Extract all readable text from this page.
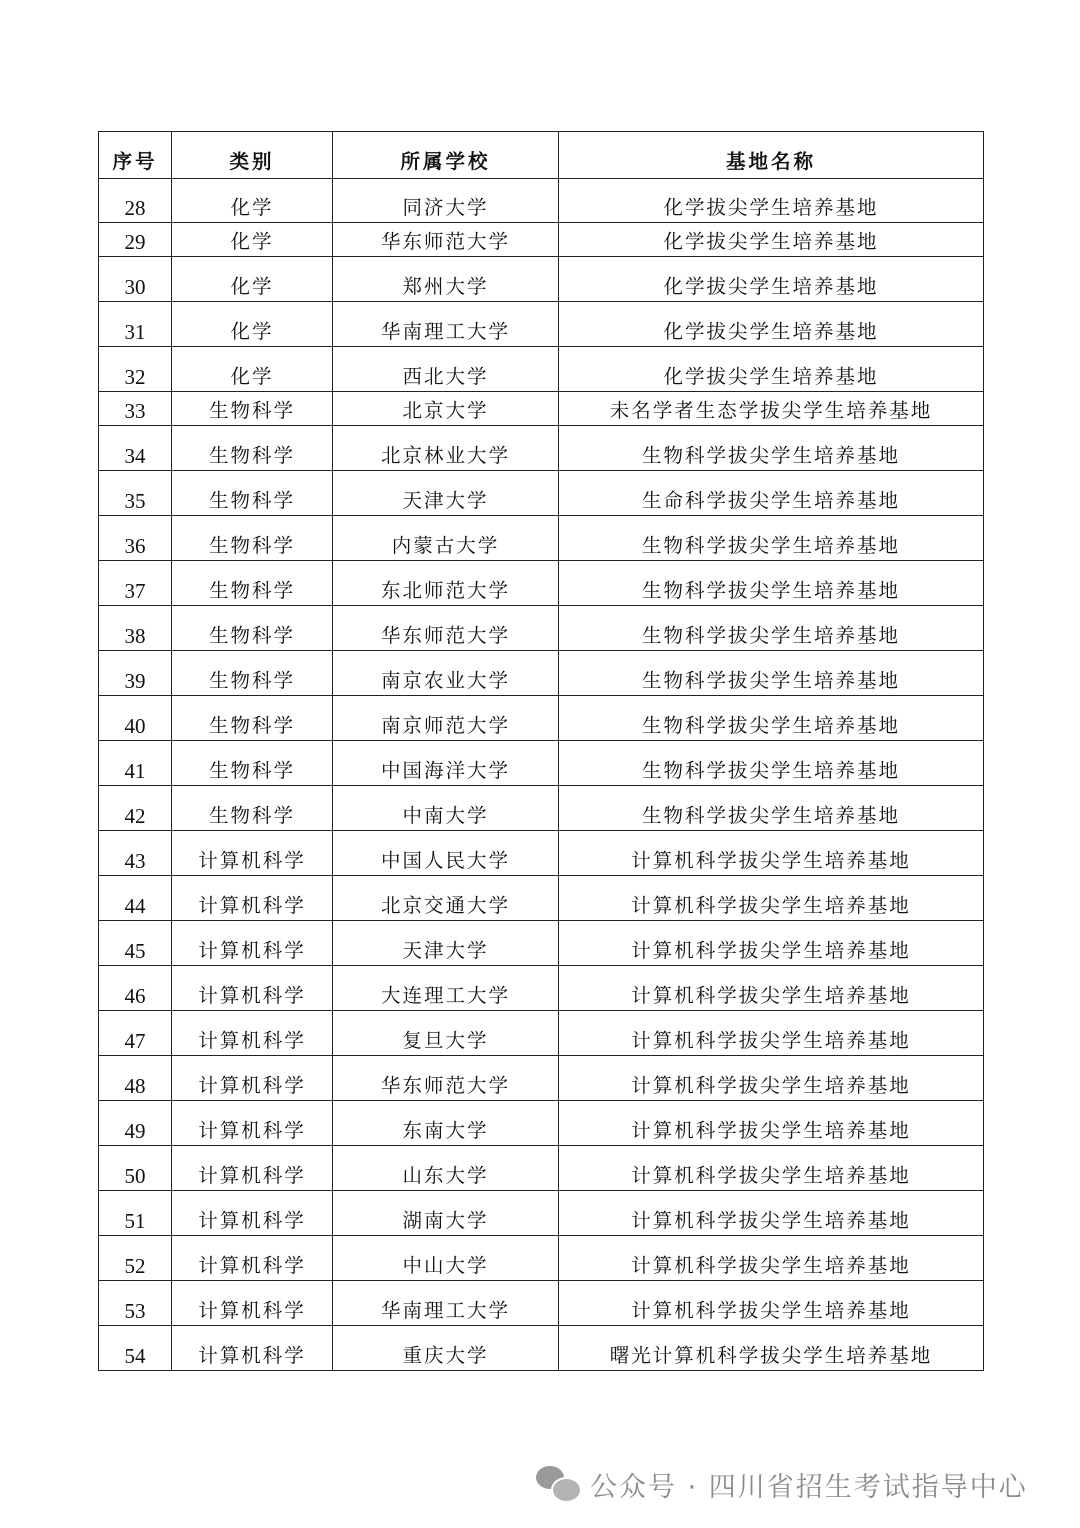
序号	类别	所属学校	基地名称
28	化学	同济大学	化学拔尖学生培养基地
29	化学	华东师范大学	化学拔尖学生培养基地
30	化学	郑州大学	化学拔尖学生培养基地
31	化学	华南理工大学	化学拔尖学生培养基地
32	化学	西北大学	化学拔尖学生培养基地
33	生物科学	北京大学	未名学者生态学拔尖学生培养基地
34	生物科学	北京林业大学	生物科学拔尖学生培养基地
35	生物科学	天津大学	生命科学拔尖学生培养基地
36	生物科学	内蒙古大学	生物科学拔尖学生培养基地
37	生物科学	东北师范大学	生物科学拔尖学生培养基地
38	生物科学	华东师范大学	生物科学拔尖学生培养基地
39	生物科学	南京农业大学	生物科学拔尖学生培养基地
40	生物科学	南京师范大学	生物科学拔尖学生培养基地
41	生物科学	中国海洋大学	生物科学拔尖学生培养基地
42	生物科学	中南大学	生物科学拔尖学生培养基地
43	计算机科学	中国人民大学	计算机科学拔尖学生培养基地
44	计算机科学	北京交通大学	计算机科学拔尖学生培养基地
45	计算机科学	天津大学	计算机科学拔尖学生培养基地
46	计算机科学	大连理工大学	计算机科学拔尖学生培养基地
47	计算机科学	复旦大学	计算机科学拔尖学生培养基地
48	计算机科学	华东师范大学	计算机科学拔尖学生培养基地
49	计算机科学	东南大学	计算机科学拔尖学生培养基地
50	计算机科学	山东大学	计算机科学拔尖学生培养基地
51	计算机科学	湖南大学	计算机科学拔尖学生培养基地
52	计算机科学	中山大学	计算机科学拔尖学生培养基地
53	计算机科学	华南理工大学	计算机科学拔尖学生培养基地
54	计算机科学	重庆大学	曙光计算机科学拔尖学生培养基地
公众号 · 四川省招生考试指导中心
